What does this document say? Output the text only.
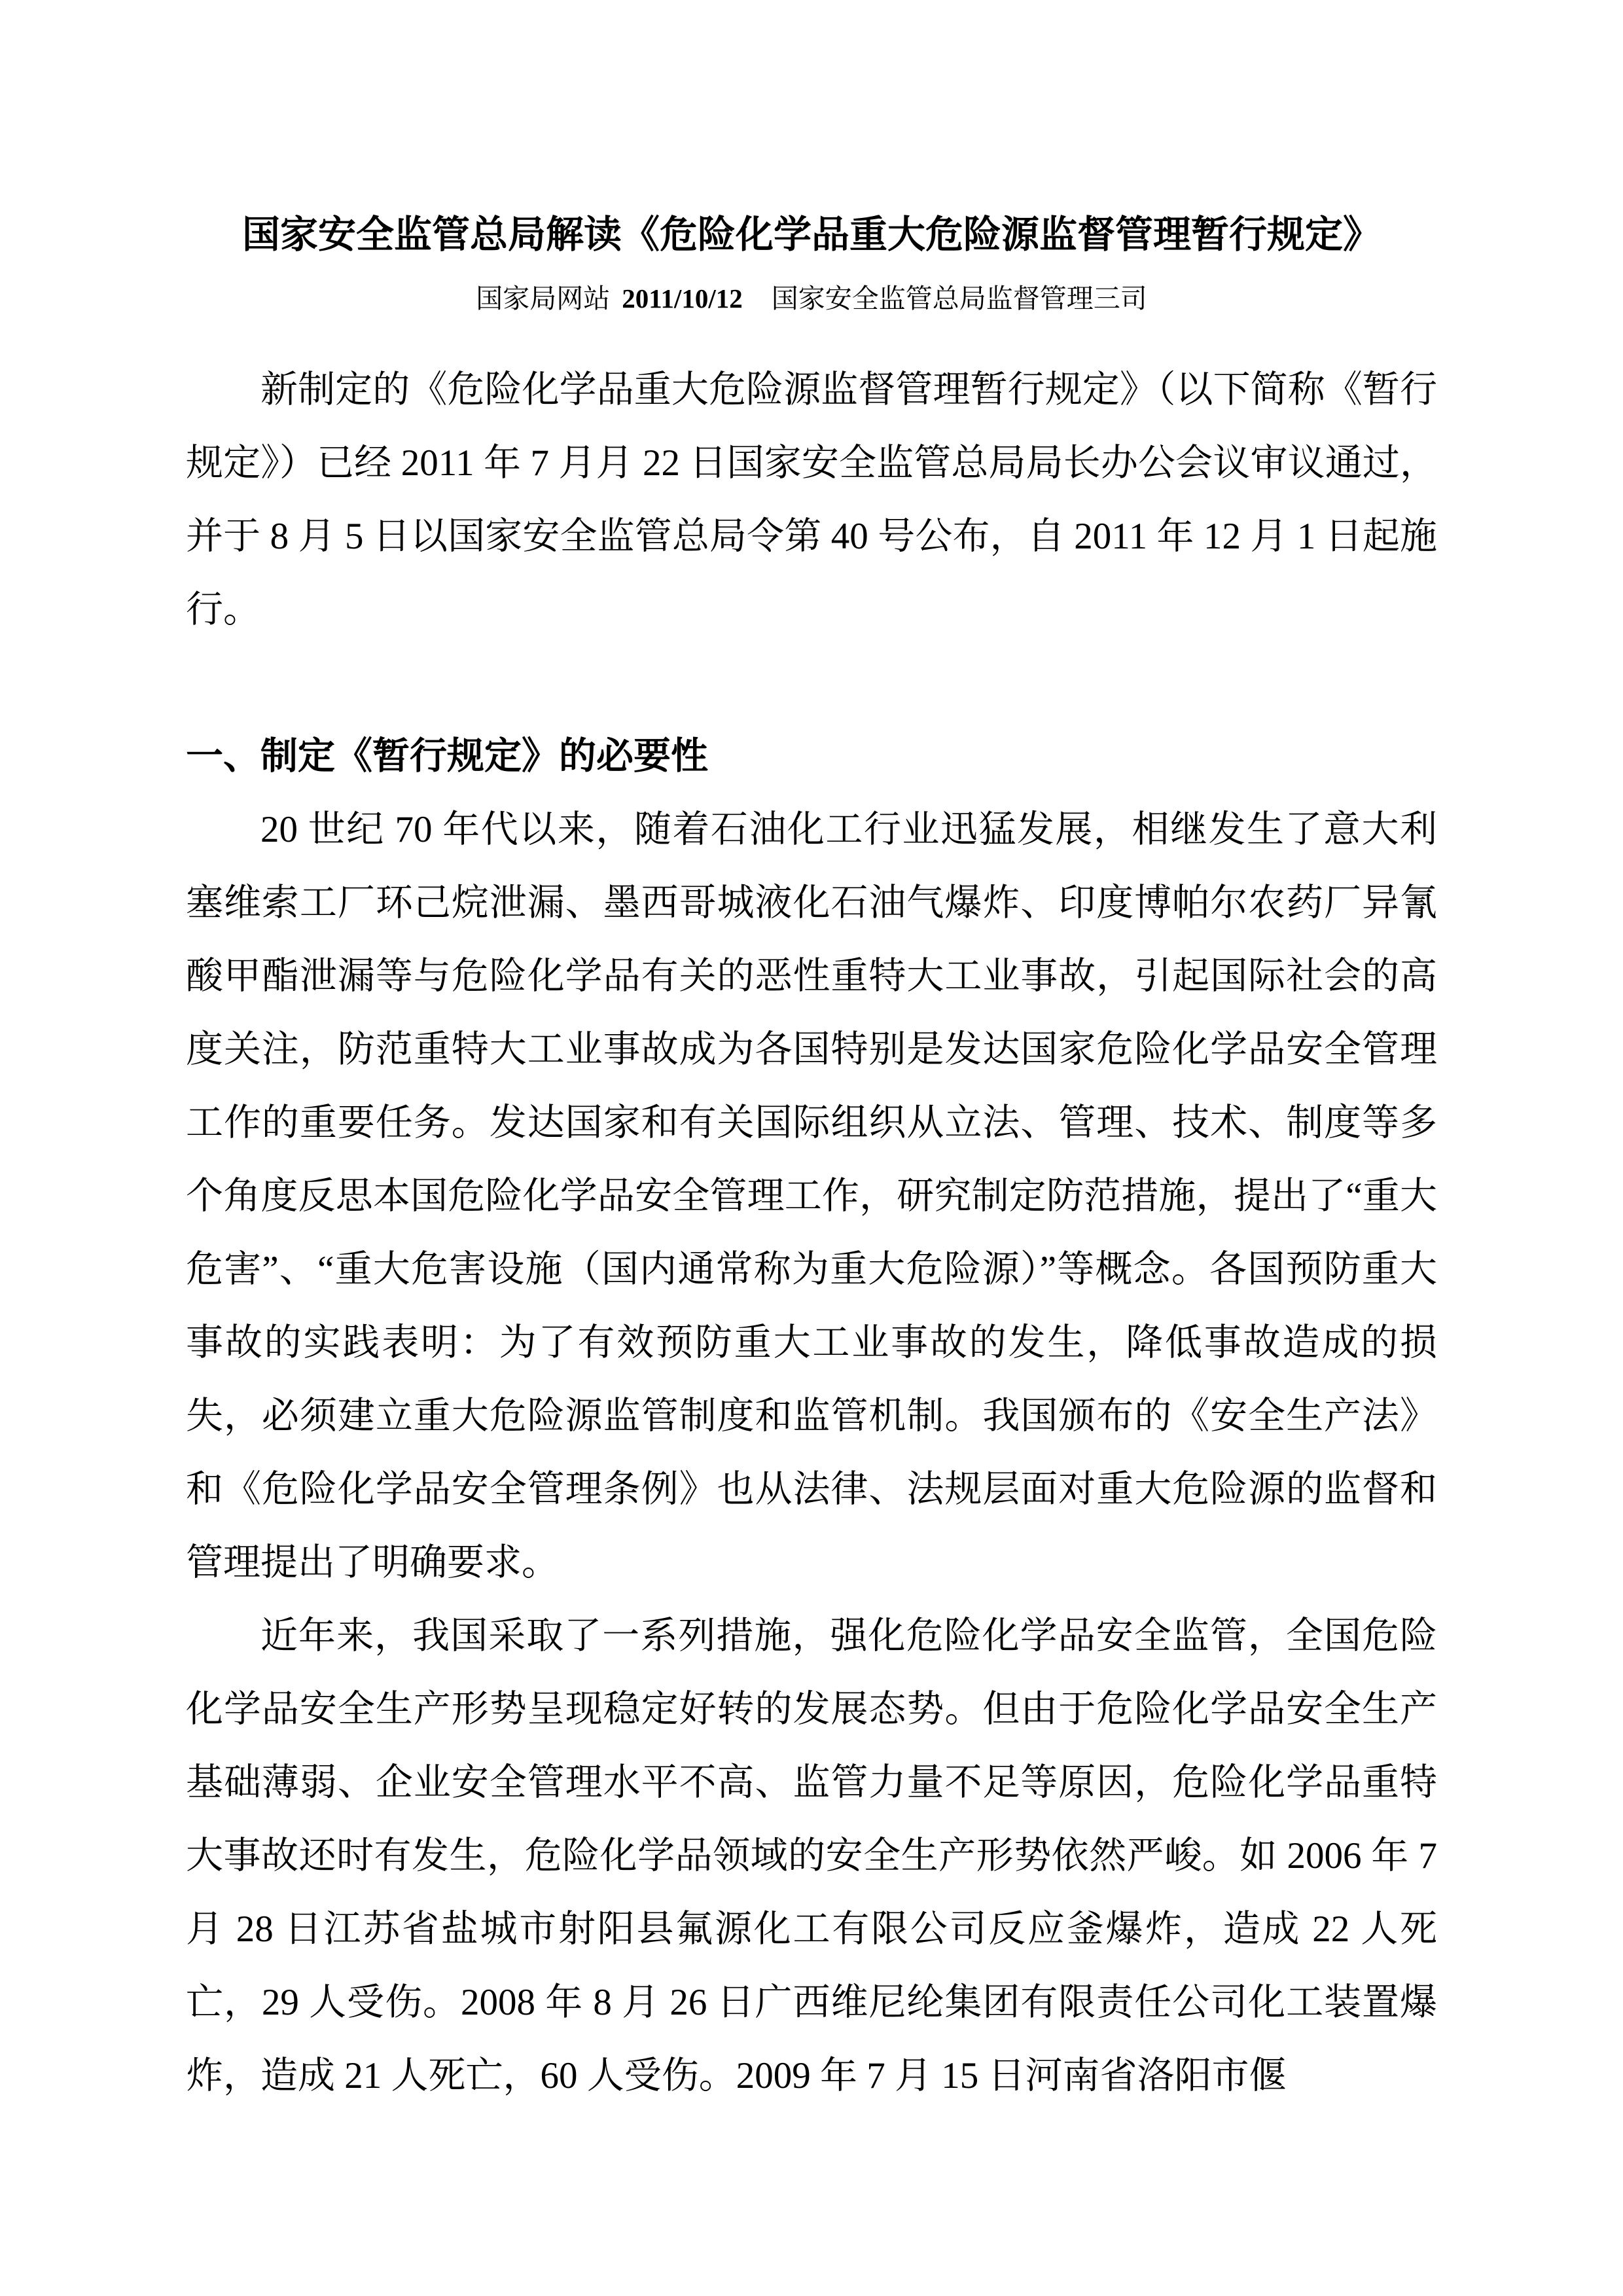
国家安全监管总局解读《危险化学品重大危险源监督管理暂行规定》
国家局网站 2011/10/12 国家安全监管总局监督管理三司

新制定的《危险化学品重大危险源监督管理暂行规定》（以下简称《暂行规定》）已经 2011 年 7 月月 22 日国家安全监管总局局长办公会议审议通过，并于 8 月 5 日以国家安全监管总局令第 40 号公布，自 2011 年 12 月 1 日起施行。

一、制定《暂行规定》的必要性

20 世纪 70 年代以来，随着石油化工行业迅猛发展，相继发生了意大利塞维索工厂环己烷泄漏、墨西哥城液化石油气爆炸、印度博帕尔农药厂异氰酸甲酯泄漏等与危险化学品有关的恶性重特大工业事故，引起国际社会的高度关注，防范重特大工业事故成为各国特别是发达国家危险化学品安全管理工作的重要任务。发达国家和有关国际组织从立法、管理、技术、制度等多个角度反思本国危险化学品安全管理工作，研究制定防范措施，提出了“重大危害”、“重大危害设施（国内通常称为重大危险源）”等概念。各国预防重大事故的实践表明：为了有效预防重大工业事故的发生，降低事故造成的损失，必须建立重大危险源监管制度和监管机制。我国颁布的《安全生产法》和《危险化学品安全管理条例》也从法律、法规层面对重大危险源的监督和管理提出了明确要求。

近年来，我国采取了一系列措施，强化危险化学品安全监管，全国危险化学品安全生产形势呈现稳定好转的发展态势。但由于危险化学品安全生产基础薄弱、企业安全管理水平不高、监管力量不足等原因，危险化学品重特大事故还时有发生，危险化学品领域的安全生产形势依然严峻。如 2006 年 7 月 28 日江苏省盐城市射阳县氟源化工有限公司反应釜爆炸，造成 22 人死亡，29 人受伤。2008 年 8 月 26 日广西维尼纶集团有限责任公司化工装置爆炸，造成 21 人死亡，60 人受伤。2009 年 7 月 15 日河南省洛阳市偃
